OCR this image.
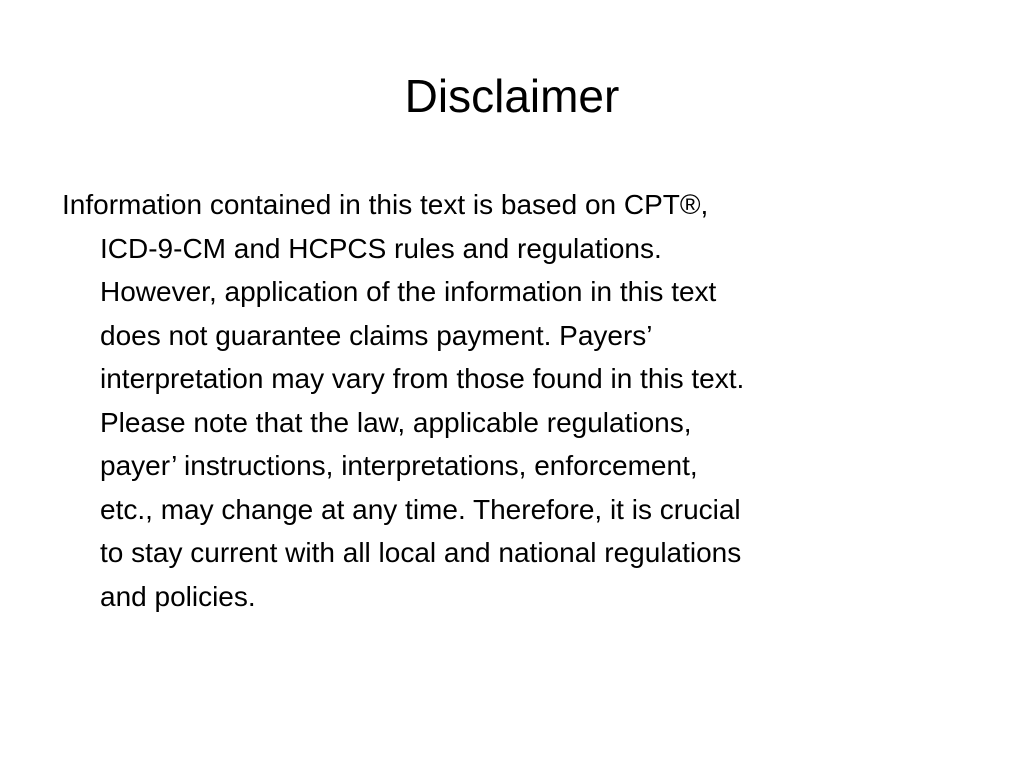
Disclaimer
Information contained in this text is based on CPT®,
ICD-9-CM and HCPCS rules and regulations.
However, application of the information in this text
does not guarantee claims payment. Payers’
interpretation may vary from those found in this text.
Please note that the law, applicable regulations,
payer’ instructions, interpretations, enforcement,
etc., may change at any time. Therefore, it is crucial
to stay current with all local and national regulations
and policies.
